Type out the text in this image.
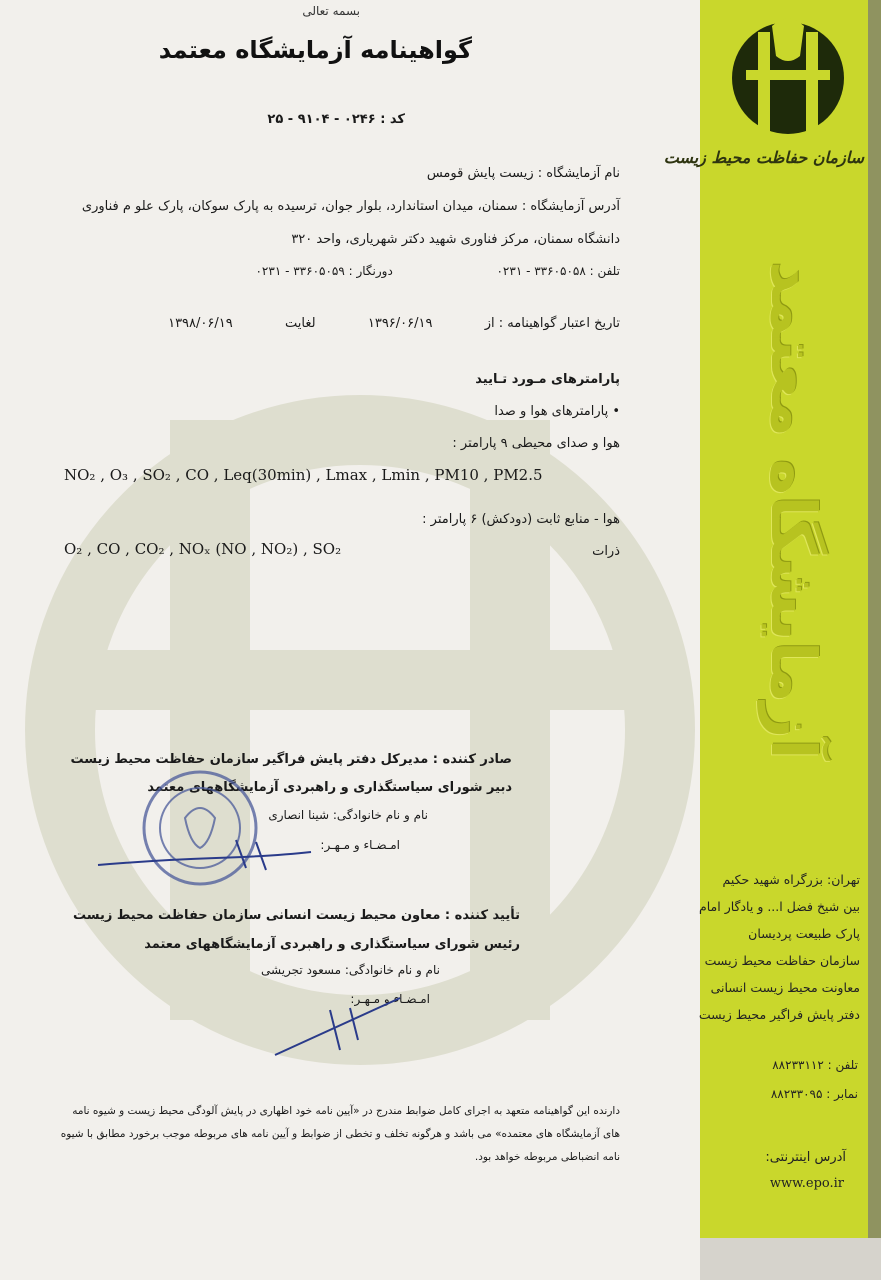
بسمه تعالی
گواهینامه آزمایشگاه معتمد
کد : ۰۲۴۶ - ۹۱۰۴ - ۲۵
نام آزمایشگاه : زیست پایش قومس
آدرس آزمایشگاه : سمنان، میدان استاندارد، بلوار جوان، ترسیده به پارک سوکان، پارک علو م فناوری
دانشگاه سمنان، مرکز فناوری شهید دکتر شهریاری، واحد ۳۲۰
تلفن : ۳۳۶۰۵۰۵۸ - ۰۲۳۱  دورنگار : ۳۳۶۰۵۰۵۹ - ۰۲۳۱
تاریخ اعتبار گواهینامه : از  ۱۳۹۶/۰۶/۱۹  لغایت  ۱۳۹۸/۰۶/۱۹
پارامترهای مـورد تـایید
• پارامترهای هوا و صدا
هوا و صدای محیطی ۹ پارامتر :
NO₂ , O₃ , SO₂ , CO , Leq(30min) , Lmax , Lmin , PM10 , PM2.5
هوا - منابع ثابت (دودکش) ۶ پارامتر :
O₂ , CO , CO₂ , NOₓ (NO , NO₂) , SO₂	ذرات
صادر کننده : مدیرکل دفتر پایش فراگیر سازمان حفاظت محیط زیست
دبیر شورای سیاستگذاری و راهبردی آزمایشگاههای معتمد
نام و نام خانوادگی: شینا انصاری
امـضـاء و مـهـر:
تأیید کننده : معاون محیط زیست انسانی سازمان حفاظت محیط زیست
رئیس شورای سیاستگذاری و راهبردی آزمایشگاههای معتمد
نام و نام خانوادگی: مسعود تجریشی
امـضـاء و مـهـر:
دارنده این گواهینامه متعهد به اجرای کامل ضوابط مندرج در «آیین نامه خود اظهاری در پایش آلودگی محیط زیست و شیوه نامه های آزمایشگاه های معتمده» می باشد و هرگونه تخلف و تخطی از ضوابط و آیین نامه های مربوطه موجب برخورد مطابق با شیوه نامه انضباطی مربوطه خواهد بود.
سازمان حفاظت محیط زیست
آزمایشگاه معتمد
تهران: بزرگراه شهید حکیم
بین شیخ فضل ا... و یادگار امام
پارک طبیعت پردیسان
سازمان حفاظت محیط زیست
معاونت محیط زیست انسانی
دفتر پایش فراگیر محیط زیست
تلفن : ۸۸۲۳۳۱۱۲
نمابر : ۸۸۲۳۳۰۹۵
آدرس اینترنتی:
www.epo.ir
